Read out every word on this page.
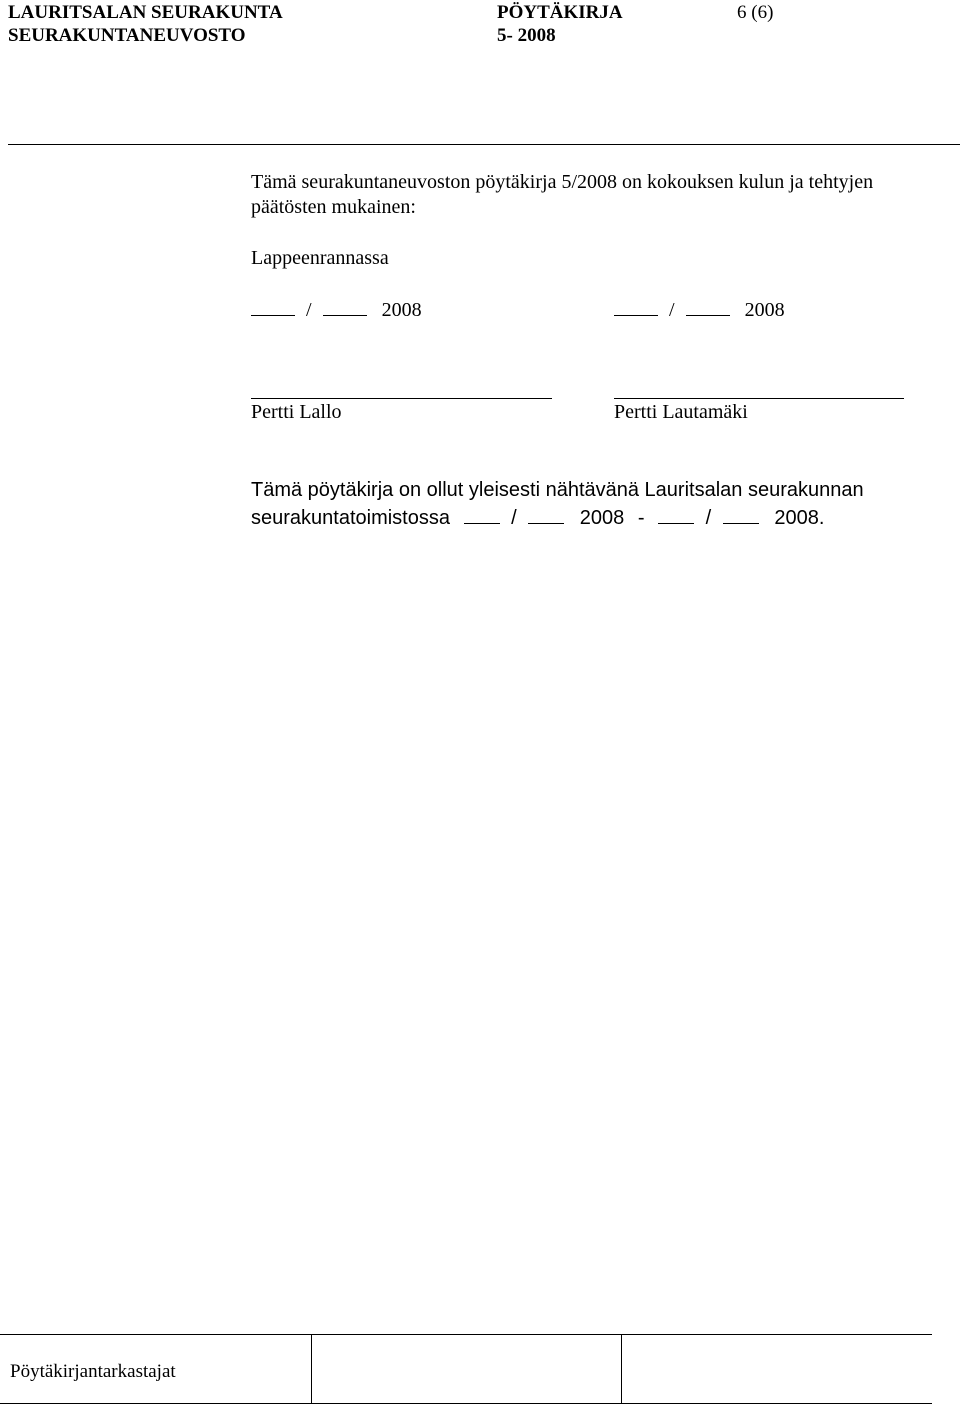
LAURITSALAN SEURAKUNTA
SEURAKUNTANEUVOSTO
PÖYTÄKIRJA
5- 2008
6 (6)
Tämä seurakuntaneuvoston pöytäkirja 5/2008 on kokouksen kulun ja tehtyjen
päätösten mukainen:
Lappeenrannassa
/	2008	/	2008
Pertti Lallo	Pertti Lautamäki
Tämä pöytäkirja on ollut yleisesti nähtävänä Lauritsalan seurakunnan
seurakuntatoimistossa	/	2008 -	/	2008.
Pöytäkirjantarkastajat
